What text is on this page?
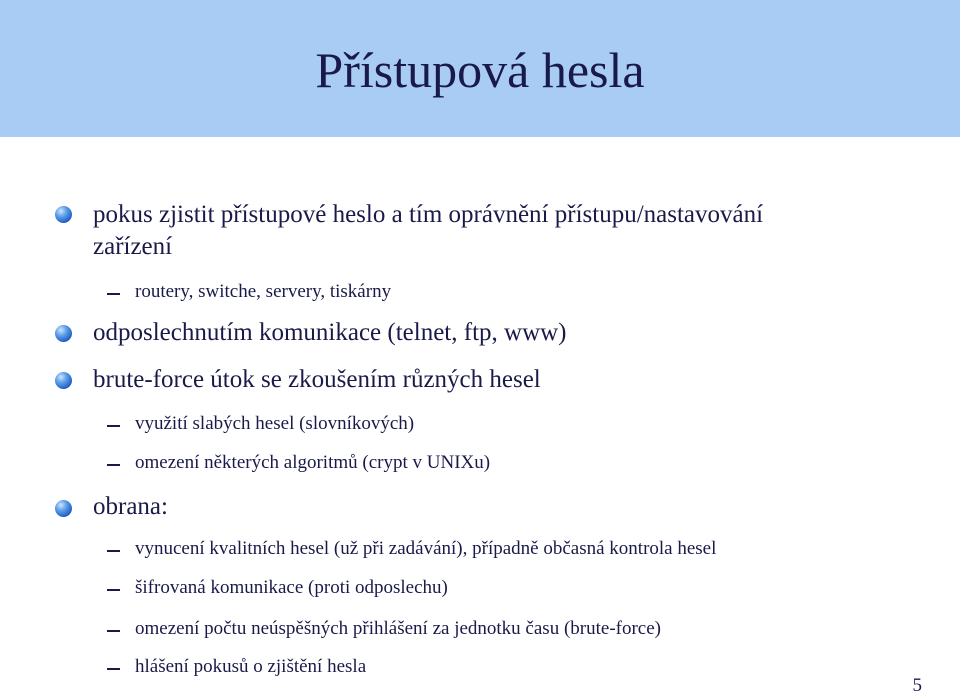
Přístupová hesla
pokus zjistit přístupové heslo a tím oprávnění přístupu/nastavování
zařízení
routery, switche, servery, tiskárny
odposlechnutím komunikace (telnet, ftp, www)
brute-force útok se zkoušením různých hesel
využití slabých hesel (slovníkových)
omezení některých algoritmů (crypt v UNIXu)
obrana:
vynucení kvalitních hesel (už při zadávání), případně občasná kontrola hesel
šifrovaná komunikace (proti odposlechu)
omezení počtu neúspěšných přihlášení za jednotku času (brute-force)
hlášení pokusů o zjištění hesla
5
